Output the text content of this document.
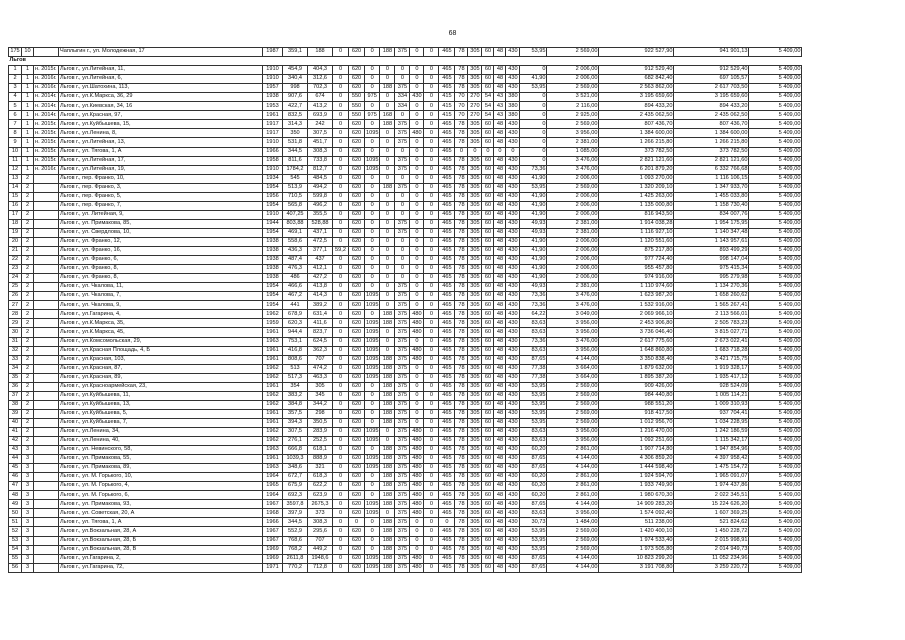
68
175	10		Чаплыгин г., ул. Молодежная, 17	1987	359,1	188	0	620	0	188	375	0	0	465	78	305	60	48	430	53,95	2 569,00	922 527,90	941 901,13	5 409,00
Льгов																								
1	1	н. 2015г.	Льгов г., ул.Литейная, 11,	1910	454,9	404,3	0	620	0	0	0	0	0	465	78	305	60	48	430	0	2 006,00	912 529,40	912 529,40	5 409,00
2	1	н. 2016г.	Льгов г., ул.Литейная, 6,	1910	340,4	312,6	0	620	0	0	0	0	0	465	78	305	60	48	430	41,90	2 006,00	682 842,40	697 105,57	5 409,00
3	1	н. 2016г.	Льгов г., ул.Шатохина, 113,	1957	998	702,3	0	620	0	188	375	0	0	465	78	305	60	48	430	53,95	2 569,00	2 563 862,00	2 617 703,50	5 409,00
4	1	н. 2014г.	Льгов г., ул.К.Маркса, 36, 29	1938	907,6	674	0	550	975	0	334	430	0	415	70	270	54	43	380	0	3 521,00	3 195 659,60	3 195 659,60	5 409,00
5	1	н. 2014г.	Льгов г., ул.Киевская, 34, 16	1953	422,7	413,2	0	550	0	0	334	0	0	415	70	270	54	43	380	0	2 116,00	894 433,20	894 433,20	5 409,00
6	1	н. 2014г.	Льгов г., ул.Красная, 97,	1961	832,5	693,9	0	550	975	168	0	0	0	415	70	270	54	43	380	0	2 925,00	2 435 062,50	2 435 062,50	5 409,00
7	1	н. 2015г.	Льгов г., ул.Куйбышева, 15,	1917	314,3	242	0	620	0	188	375	0	0	465	78	305	60	48	430	0	2 569,00	807 436,70	807 436,70	5 409,00
8	1	н. 2015г.	Льгов г., ул.Ленина, 8,	1917	350	307,5	0	620	1095	0	375	480	0	465	78	305	60	48	430	0	3 956,00	1 384 600,00	1 384 600,00	5 409,00
9	1	н. 2015г.	Льгов г., ул.Литейная, 13,	1910	531,8	451,7	0	620	0	0	375	0	0	465	78	305	60	48	430	0	2 381,00	1 266 215,80	1 266 215,80	5 409,00
10	1	н. 2015г.	Льгов г., ул. Тягова, 1, А	1966	344,5	308,3	0	620	0	0	0	0	0	465	0	0	0	0	0	0	1 085,00	373 782,50	373 782,50	5 409,00
11	1	н. 2015г.	Льгов г., ул.Литейная, 17,	1958	811,6	733,8	0	620	1095	0	375	0	0	465	78	305	60	48	430	0	3 476,00	2 821 121,60	2 821 121,60	5 409,00
12	1	н. 2016г.	Льгов г., ул.Литейная, 19,	1910	1784,2	812,7	0	620	1095	0	375	0	0	465	78	305	60	48	430	73,36	3 476,00	6 201 879,20	6 332 766,68	5 409,00
13	2		Льгов г., пер. Франко, 10,	1934	545	484,5	0	620	0	0	0	0	0	465	78	305	60	48	430	41,90	2 006,00	1 093 270,00	1 116 106,15	5 409,00
14	2		Льгов г., пер. Франко, 3,	1954	513,9	494,2	0	620	0	188	375	0	0	465	78	305	60	48	430	53,95	2 569,00	1 320 209,10	1 347 933,70	5 409,00
15	2		Льгов г., пер. Франко, 5,	1956	710,5	599,8	0	620	0	0	0	0	0	465	78	305	60	48	430	41,90	2 006,00	1 425 263,00	1 455 033,80	5 409,00
16	2		Льгов г., пер. Франко, 7,	1954	565,8	496,2	0	620	0	0	0	0	0	465	78	305	60	48	430	41,90	2 006,00	1 135 000,80	1 158 730,40	5 409,00
17	2		Льгов г., ул. Литейная, 9,	1910	407,25	355,5	0	620	0	0	0	0	0	465	78	305	60	48	430	41,90	2 006,00	816 943,50	834 007,76	5 409,00
18	2		Льгов г., ул. Примакова, 85,	1944	803,88	528,88	0	620	0	0	375	0	0	465	78	305	60	48	430	49,93	2 381,00	1 914 038,28	1 954 175,95	5 409,00
19	2		Льгов г., ул. Свердлова, 10,	1954	469,1	437,1	0	620	0	0	375	0	0	465	78	305	60	48	430	49,93	2 381,00	1 116 927,10	1 140 347,48	5 409,00
20	2		Льгов г., ул. Франко, 12,	1938	558,6	472,5	0	620	0	0	0	0	0	465	78	305	60	48	430	41,90	2 006,00	1 120 551,60	1 143 957,61	5 409,00
21	2		Льгов г., ул. Франко, 16,	1938	436,3	377,1	59,2	620	0	0	0	0	0	465	78	305	60	48	430	41,90	2 006,00	875 217,80	893 499,29	5 409,00
22	2		Льгов г., ул. Франко, 6,	1938	487,4	437	0	620	0	0	0	0	0	465	78	305	60	48	430	41,90	2 006,00	977 724,40	998 147,04	5 409,00
23	2		Льгов г., ул. Франко, 8,	1938	476,3	412,1	0	620	0	0	0	0	0	465	78	305	60	48	430	41,90	2 006,00	955 457,80	975 415,34	5 409,00
24	2		Льгов г., ул. Франко, 8,	1938	486	427,2	0	620	0	0	0	0	0	465	78	305	60	48	430	41,90	2 006,00	974 916,00	995 279,98	5 409,00
25	2		Льгов г., ул. Чкалова, 11,	1954	466,6	413,8	0	620	0	0	375	0	0	465	78	305	60	48	430	49,93	2 381,00	1 110 974,60	1 134 270,36	5 409,00
26	2		Льгов г., ул. Чкалова, 7,	1954	467,2	414,3	0	620	1095	0	375	0	0	465	78	305	60	48	430	73,36	3 476,00	1 623 987,20	1 658 260,62	5 409,00
27	2		Льгов г., ул. Чкалова, 9,	1954	441	389,2	0	620	1095	0	375	0	0	465	78	305	60	48	430	73,36	3 476,00	1 532 916,00	1 565 267,41	5 409,00
28	2		Льгов г., ул.Гагарина, 4,	1962	678,9	631,4	0	620	0	188	375	480	0	465	78	305	60	48	430	64,22	3 049,00	2 069 966,10	2 113 566,01	5 409,00
29	2		Льгов г., ул.К.Маркса, 35,	1959	620,3	411,6	0	620	1095	188	375	480	0	465	78	305	60	48	430	83,63	3 956,00	2 453 906,80	2 505 783,23	5 409,00
30	2		Льгов г., ул.К.Маркса, 45,	1961	944,4	823,7	0	620	1095	0	375	480	0	465	78	305	60	48	430	83,63	3 956,00	3 736 046,40	3 815 027,71	5 409,00
31	2		Льгов г., ул.Комсомольская, 29,	1963	753,1	624,5	0	620	1095	0	375	0	0	465	78	305	60	48	430	73,36	3 476,00	2 617 775,60	2 673 022,41	5 409,00
32	2		Льгов г., ул.Красная Площадь, 4, Б	1961	416,8	362,3	0	620	1095	0	375	480	0	465	78	305	60	48	430	83,63	3 956,00	1 648 860,80	1 683 718,28	5 409,00
33	2		Льгов г., ул.Красная, 103,	1961	808,6	707	0	620	1095	188	375	480	0	465	78	305	60	48	430	87,65	4 144,00	3 350 838,40	3 421 715,75	5 409,00
34	2		Льгов г., ул.Красная, 87,	1962	513	474,2	0	620	1095	188	375	0	0	465	78	305	60	48	430	77,38	3 664,00	1 879 632,00	1 919 328,17	5 409,00
35	2		Льгов г., ул.Красная, 89,	1962	517,3	463,3	0	620	1095	188	375	0	0	465	78	305	60	48	430	77,38	3 664,00	1 895 387,20	1 935 417,12	5 409,00
36	2		Льгов г., ул.Красноармейская, 23,	1961	354	305	0	620	0	188	375	0	0	465	78	305	60	48	430	53,95	2 569,00	909 426,00	928 524,09	5 409,00
37	2		Льгов г., ул.Куйбышева, 11,	1962	383,2	345	0	620	0	188	375	0	0	465	78	305	60	48	430	53,95	2 569,00	984 440,80	1 005 114,21	5 409,00
38	2		Льгов г., ул.Куйбышева, 13,	1962	384,8	344,2	0	620	0	188	375	0	0	465	78	305	60	48	430	53,95	2 569,00	988 551,20	1 009 310,93	5 409,00
39	2		Льгов г., ул.Куйбышева, 5,	1961	357,5	298	0	620	0	188	375	0	0	465	78	305	60	48	430	53,95	2 569,00	918 417,50	937 704,41	5 409,00
40	2		Льгов г., ул.Куйбышева, 7,	1961	394,3	350,5	0	620	0	188	375	0	0	465	78	305	60	48	430	53,95	2 569,00	1 012 956,70	1 034 228,95	5 409,00
41	2		Льгов г., ул.Ленина, 34,	1962	307,5	283,9	0	620	1095	0	375	480	0	465	78	305	60	48	430	83,63	3 956,00	1 216 470,00	1 242 186,59	5 409,00
42	2		Льгов г., ул.Ленина, 40,	1962	276,1	252,5	0	620	1095	0	375	480	0	465	78	305	60	48	430	83,63	3 956,00	1 092 251,60	1 115 342,17	5 409,00
43	3		Льгов г., ул. Невинского, 58,	1963	666,8	618,1	0	620	0	188	375	480	0	465	78	305	60	48	430	60,20	2 861,00	1 907 714,80	1 947 854,96	5 409,00
44	3		Льгов г., ул. Примакова, 55,	1961	1039,3	888,9	0	620	1095	188	375	480	0	465	78	305	60	48	430	87,65	4 144,00	4 306 859,20	4 397 958,42	5 409,00
45	3		Льгов г., ул. Примакова, 89,	1963	348,6	321	0	620	1095	188	375	480	0	465	78	305	60	48	430	87,65	4 144,00	1 444 598,40	1 475 154,72	5 409,00
46	3		Льгов г., ул. М. Горького, 10,	1964	672,7	618,3	0	620	0	188	375	480	0	465	78	305	60	48	430	60,20	2 861,00	1 924 594,70	1 965 091,07	5 409,00
47	3		Льгов г., ул. М. Горького, 4,	1965	675,9	622,2	0	620	0	188	375	480	0	465	78	305	60	48	430	60,20	2 861,00	1 933 749,90	1 974 437,86	5 409,00
48	3		Льгов г., ул. М. Горького, 6,	1964	692,3	623,9	0	620	0	188	375	480	0	465	78	305	60	48	430	60,20	2 861,00	1 980 670,30	2 022 345,51	5 409,00
49	3		Льгов г., ул. Примакова, 93,	1967	3597,8	2675,3	0	620	1095	188	375	480	0	465	78	305	60	48	430	87,65	4 144,00	14 909 283,20	15 224 626,20	5 409,00
50	3		Льгов г., ул. Советская, 20, А	1968	397,9	373	0	620	1095	0	375	480	0	465	78	305	60	48	430	83,63	3 956,00	1 574 092,40	1 607 369,25	5 409,00
51	3		Льгов г., ул. Тягова, 1, А	1966	344,5	308,3	0	0	0	188	375	0	0	0	78	305	60	48	430	30,73	1 484,00	511 238,00	521 824,62	5 409,00
52	3		Льгов г., ул.Вокзальная, 28, А	1967	552,9	295,6	0	620	0	188	375	0	0	465	78	305	60	48	430	53,95	2 569,00	1 420 400,10	1 450 228,72	5 409,00
53	3		Льгов г., ул.Вокзальная, 28, Б	1967	768,6	707	0	620	0	188	375	0	0	465	78	305	60	48	430	53,95	2 569,00	1 974 533,40	2 015 998,91	5 409,00
54	3		Льгов г., ул.Вокзальная, 28, В	1969	768,2	449,2	0	620	0	188	375	0	0	465	78	305	60	48	430	53,95	2 569,00	1 973 505,80	2 014 949,73	5 409,00
55	3		Льгов г., ул.Гагарина, 2,	1969	2611,8	1948,6	0	620	1095	188	375	480	0	465	78	305	60	48	430	87,65	4 144,00	10 823 299,20	11 052 234,96	5 409,00
56	3		Льгов г., ул.Гагарина, 72,	1971	770,2	712,8	0	620	1095	188	375	480	0	465	78	305	60	48	430	87,65	4 144,00	3 191 708,80	3 259 220,72	5 409,00
